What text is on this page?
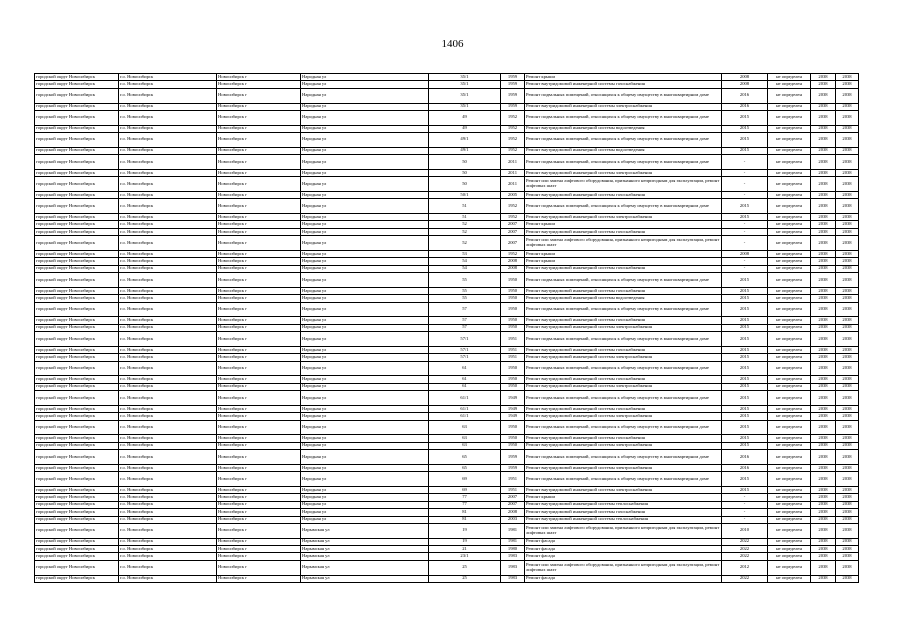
1406
городской округ Новосибирск	г.о. Новосибирск	Новосибирск г	Народная ул	35/1	1959	Ремонт крыши	2008	не определен	2038	2038
городской округ Новосибирск	г.о. Новосибирск	Новосибирск г	Народная ул	35/1	1959	Ремонт внутридомовой инженерной системы газоснабжения	2008	не определен	2038	2038
городской округ Новосибирск	г.о. Новосибирск	Новосибирск г	Народная ул	35/1	1959	Ремонт подвальных помещений, относящихся к общему имуществу в многоквартирном доме	2016	не определен	2038	2038
городской округ Новосибирск	г.о. Новосибирск	Новосибирск г	Народная ул	35/1	1959	Ремонт внутридомовой инженерной системы электроснабжения	2016	не определен	2038	2038
городской округ Новосибирск	г.о. Новосибирск	Новосибирск г	Народная ул	49	1952	Ремонт подвальных помещений, относящихся к общему имуществу в многоквартирном доме	2015	не определен	2038	2038
городской округ Новосибирск	г.о. Новосибирск	Новосибирск г	Народная ул	49	1952	Ремонт внутридомовой инженерной системы водоотведения	2015	не определен	2038	2038
городской округ Новосибирск	г.о. Новосибирск	Новосибирск г	Народная ул	49/1	1952	Ремонт подвальных помещений, относящихся к общему имуществу в многоквартирном доме	2015	не определен	2038	2038
городской округ Новосибирск	г.о. Новосибирск	Новосибирск г	Народная ул	49/1	1952	Ремонт внутридомовой инженерной системы водоотведения	2015	не определен	2038	2038
городской округ Новосибирск	г.о. Новосибирск	Новосибирск г	Народная ул	50	2011	Ремонт подвальных помещений, относящихся к общему имуществу в многоквартирном доме	-	не определен	2038	2038
городской округ Новосибирск	г.о. Новосибирск	Новосибирск г	Народная ул	50	2011	Ремонт внутридомовой инженерной системы электроснабжения	-	не определен	2038	2038
городской округ Новосибирск	г.о. Новосибирск	Новосибирск г	Народная ул	50	2011	Ремонт или замена лифтового оборудования, признанного непригодным для эксплуатации, ремонт лифтовых шахт	-	не определен	2038	2038
городской округ Новосибирск	г.о. Новосибирск	Новосибирск г	Народная ул	50/1	2005	Ремонт внутридомовой инженерной системы газоснабжения	-	не определен	2038	2038
городской округ Новосибирск	г.о. Новосибирск	Новосибирск г	Народная ул	51	1952	Ремонт подвальных помещений, относящихся к общему имуществу в многоквартирном доме	2015	не определен	2038	2038
городской округ Новосибирск	г.о. Новосибирск	Новосибирск г	Народная ул	51	1952	Ремонт внутридомовой инженерной системы электроснабжения	2015	не определен	2038	2038
городской округ Новосибирск	г.о. Новосибирск	Новосибирск г	Народная ул	52	2007	Ремонт крыши	-	не определен	2038	2038
городской округ Новосибирск	г.о. Новосибирск	Новосибирск г	Народная ул	52	2007	Ремонт внутридомовой инженерной системы газоснабжения	-	не определен	2038	2038
городской округ Новосибирск	г.о. Новосибирск	Новосибирск г	Народная ул	52	2007	Ремонт или замена лифтового оборудования, признанного непригодным для эксплуатации, ремонт лифтовых шахт	-	не определен	2038	2038
городской округ Новосибирск	г.о. Новосибирск	Новосибирск г	Народная ул	53	1952	Ремонт крыши	2008	не определен	2038	2038
городской округ Новосибирск	г.о. Новосибирск	Новосибирск г	Народная ул	54	2008	Ремонт крыши	-	не определен	2038	2038
городской округ Новосибирск	г.о. Новосибирск	Новосибирск г	Народная ул	54	2008	Ремонт внутридомовой инженерной системы газоснабжения	-	не определен	2038	2038
городской округ Новосибирск	г.о. Новосибирск	Новосибирск г	Народная ул	55	1950	Ремонт подвальных помещений, относящихся к общему имуществу в многоквартирном доме	2015	не определен	2038	2038
городской округ Новосибирск	г.о. Новосибирск	Новосибирск г	Народная ул	55	1950	Ремонт внутридомовой инженерной системы газоснабжения	2015	не определен	2038	2038
городской округ Новосибирск	г.о. Новосибирск	Новосибирск г	Народная ул	55	1950	Ремонт внутридомовой инженерной системы водоотведения	2015	не определен	2038	2038
городской округ Новосибирск	г.о. Новосибирск	Новосибирск г	Народная ул	57	1950	Ремонт подвальных помещений, относящихся к общему имуществу в многоквартирном доме	2015	не определен	2038	2038
городской округ Новосибирск	г.о. Новосибирск	Новосибирск г	Народная ул	57	1950	Ремонт внутридомовой инженерной системы газоснабжения	2015	не определен	2038	2038
городской округ Новосибирск	г.о. Новосибирск	Новосибирск г	Народная ул	57	1950	Ремонт внутридомовой инженерной системы электроснабжения	2015	не определен	2038	2038
городской округ Новосибирск	г.о. Новосибирск	Новосибирск г	Народная ул	57/1	1951	Ремонт подвальных помещений, относящихся к общему имуществу в многоквартирном доме	2015	не определен	2038	2038
городской округ Новосибирск	г.о. Новосибирск	Новосибирск г	Народная ул	57/1	1951	Ремонт внутридомовой инженерной системы газоснабжения	2015	не определен	2038	2038
городской округ Новосибирск	г.о. Новосибирск	Новосибирск г	Народная ул	57/1	1951	Ремонт внутридомовой инженерной системы электроснабжения	2015	не определен	2038	2038
городской округ Новосибирск	г.о. Новосибирск	Новосибирск г	Народная ул	61	1950	Ремонт подвальных помещений, относящихся к общему имуществу в многоквартирном доме	2015	не определен	2038	2038
городской округ Новосибирск	г.о. Новосибирск	Новосибирск г	Народная ул	61	1950	Ремонт внутридомовой инженерной системы газоснабжения	2015	не определен	2038	2038
городской округ Новосибирск	г.о. Новосибирск	Новосибирск г	Народная ул	61	1950	Ремонт внутридомовой инженерной системы электроснабжения	2015	не определен	2038	2038
городской округ Новосибирск	г.о. Новосибирск	Новосибирск г	Народная ул	61/1	1949	Ремонт подвальных помещений, относящихся к общему имуществу в многоквартирном доме	2015	не определен	2038	2038
городской округ Новосибирск	г.о. Новосибирск	Новосибирск г	Народная ул	61/1	1949	Ремонт внутридомовой инженерной системы газоснабжения	2015	не определен	2038	2038
городской округ Новосибирск	г.о. Новосибирск	Новосибирск г	Народная ул	61/1	1949	Ремонт внутридомовой инженерной системы электроснабжения	2015	не определен	2038	2038
городской округ Новосибирск	г.о. Новосибирск	Новосибирск г	Народная ул	63	1950	Ремонт подвальных помещений, относящихся к общему имуществу в многоквартирном доме	2015	не определен	2038	2038
городской округ Новосибирск	г.о. Новосибирск	Новосибирск г	Народная ул	63	1950	Ремонт внутридомовой инженерной системы газоснабжения	2015	не определен	2038	2038
городской округ Новосибирск	г.о. Новосибирск	Новосибирск г	Народная ул	63	1950	Ремонт внутридомовой инженерной системы электроснабжения	2015	не определен	2038	2038
городской округ Новосибирск	г.о. Новосибирск	Новосибирск г	Народная ул	65	1959	Ремонт подвальных помещений, относящихся к общему имуществу в многоквартирном доме	2016	не определен	2038	2038
городской округ Новосибирск	г.о. Новосибирск	Новосибирск г	Народная ул	65	1959	Ремонт внутридомовой инженерной системы электроснабжения	2016	не определен	2038	2038
городской округ Новосибирск	г.о. Новосибирск	Новосибирск г	Народная ул	69	1951	Ремонт подвальных помещений, относящихся к общему имуществу в многоквартирном доме	2015	не определен	2038	2038
городской округ Новосибирск	г.о. Новосибирск	Новосибирск г	Народная ул	69	1951	Ремонт внутридомовой инженерной системы электроснабжения	2015	не определен	2038	2038
городской округ Новосибирск	г.о. Новосибирск	Новосибирск г	Народная ул	77	2007	Ремонт крыши	-	не определен	2038	2038
городской округ Новосибирск	г.о. Новосибирск	Новосибирск г	Народная ул	77	2007	Ремонт внутридомовой инженерной системы теплоснабжения	-	не определен	2038	2038
городской округ Новосибирск	г.о. Новосибирск	Новосибирск г	Народная ул	81	2008	Ремонт внутридомовой инженерной системы газоснабжения	-	не определен	2038	2038
городской округ Новосибирск	г.о. Новосибирск	Новосибирск г	Народная ул	81	2003	Ремонт внутридомовой инженерной системы теплоснабжения	-	не определен	2038	2038
городской округ Новосибирск	г.о. Новосибирск	Новосибирск г	Нарымская ул	19	1981	Ремонт или замена лифтового оборудования, признанного непригодным для эксплуатации, ремонт лифтовых шахт	2010	не определен	2038	2038
городской округ Новосибирск	г.о. Новосибирск	Новосибирск г	Нарымская ул	19	1981	Ремонт фасада	2022	не определен	2038	2038
городской округ Новосибирск	г.о. Новосибирск	Новосибирск г	Нарымская ул	21	1980	Ремонт фасада	2022	не определен	2038	2038
городской округ Новосибирск	г.о. Новосибирск	Новосибирск г	Нарымская ул	23/1	1983	Ремонт фасада	2022	не определен	2038	2038
городской округ Новосибирск	г.о. Новосибирск	Новосибирск г	Нарымская ул	25	1983	Ремонт или замена лифтового оборудования, признанного непригодным для эксплуатации, ремонт лифтовых шахт	2012	не определен	2038	2038
городской округ Новосибирск	г.о. Новосибирск	Новосибирск г	Нарымская ул	25	1983	Ремонт фасада	2022	не определен	2038	2038
